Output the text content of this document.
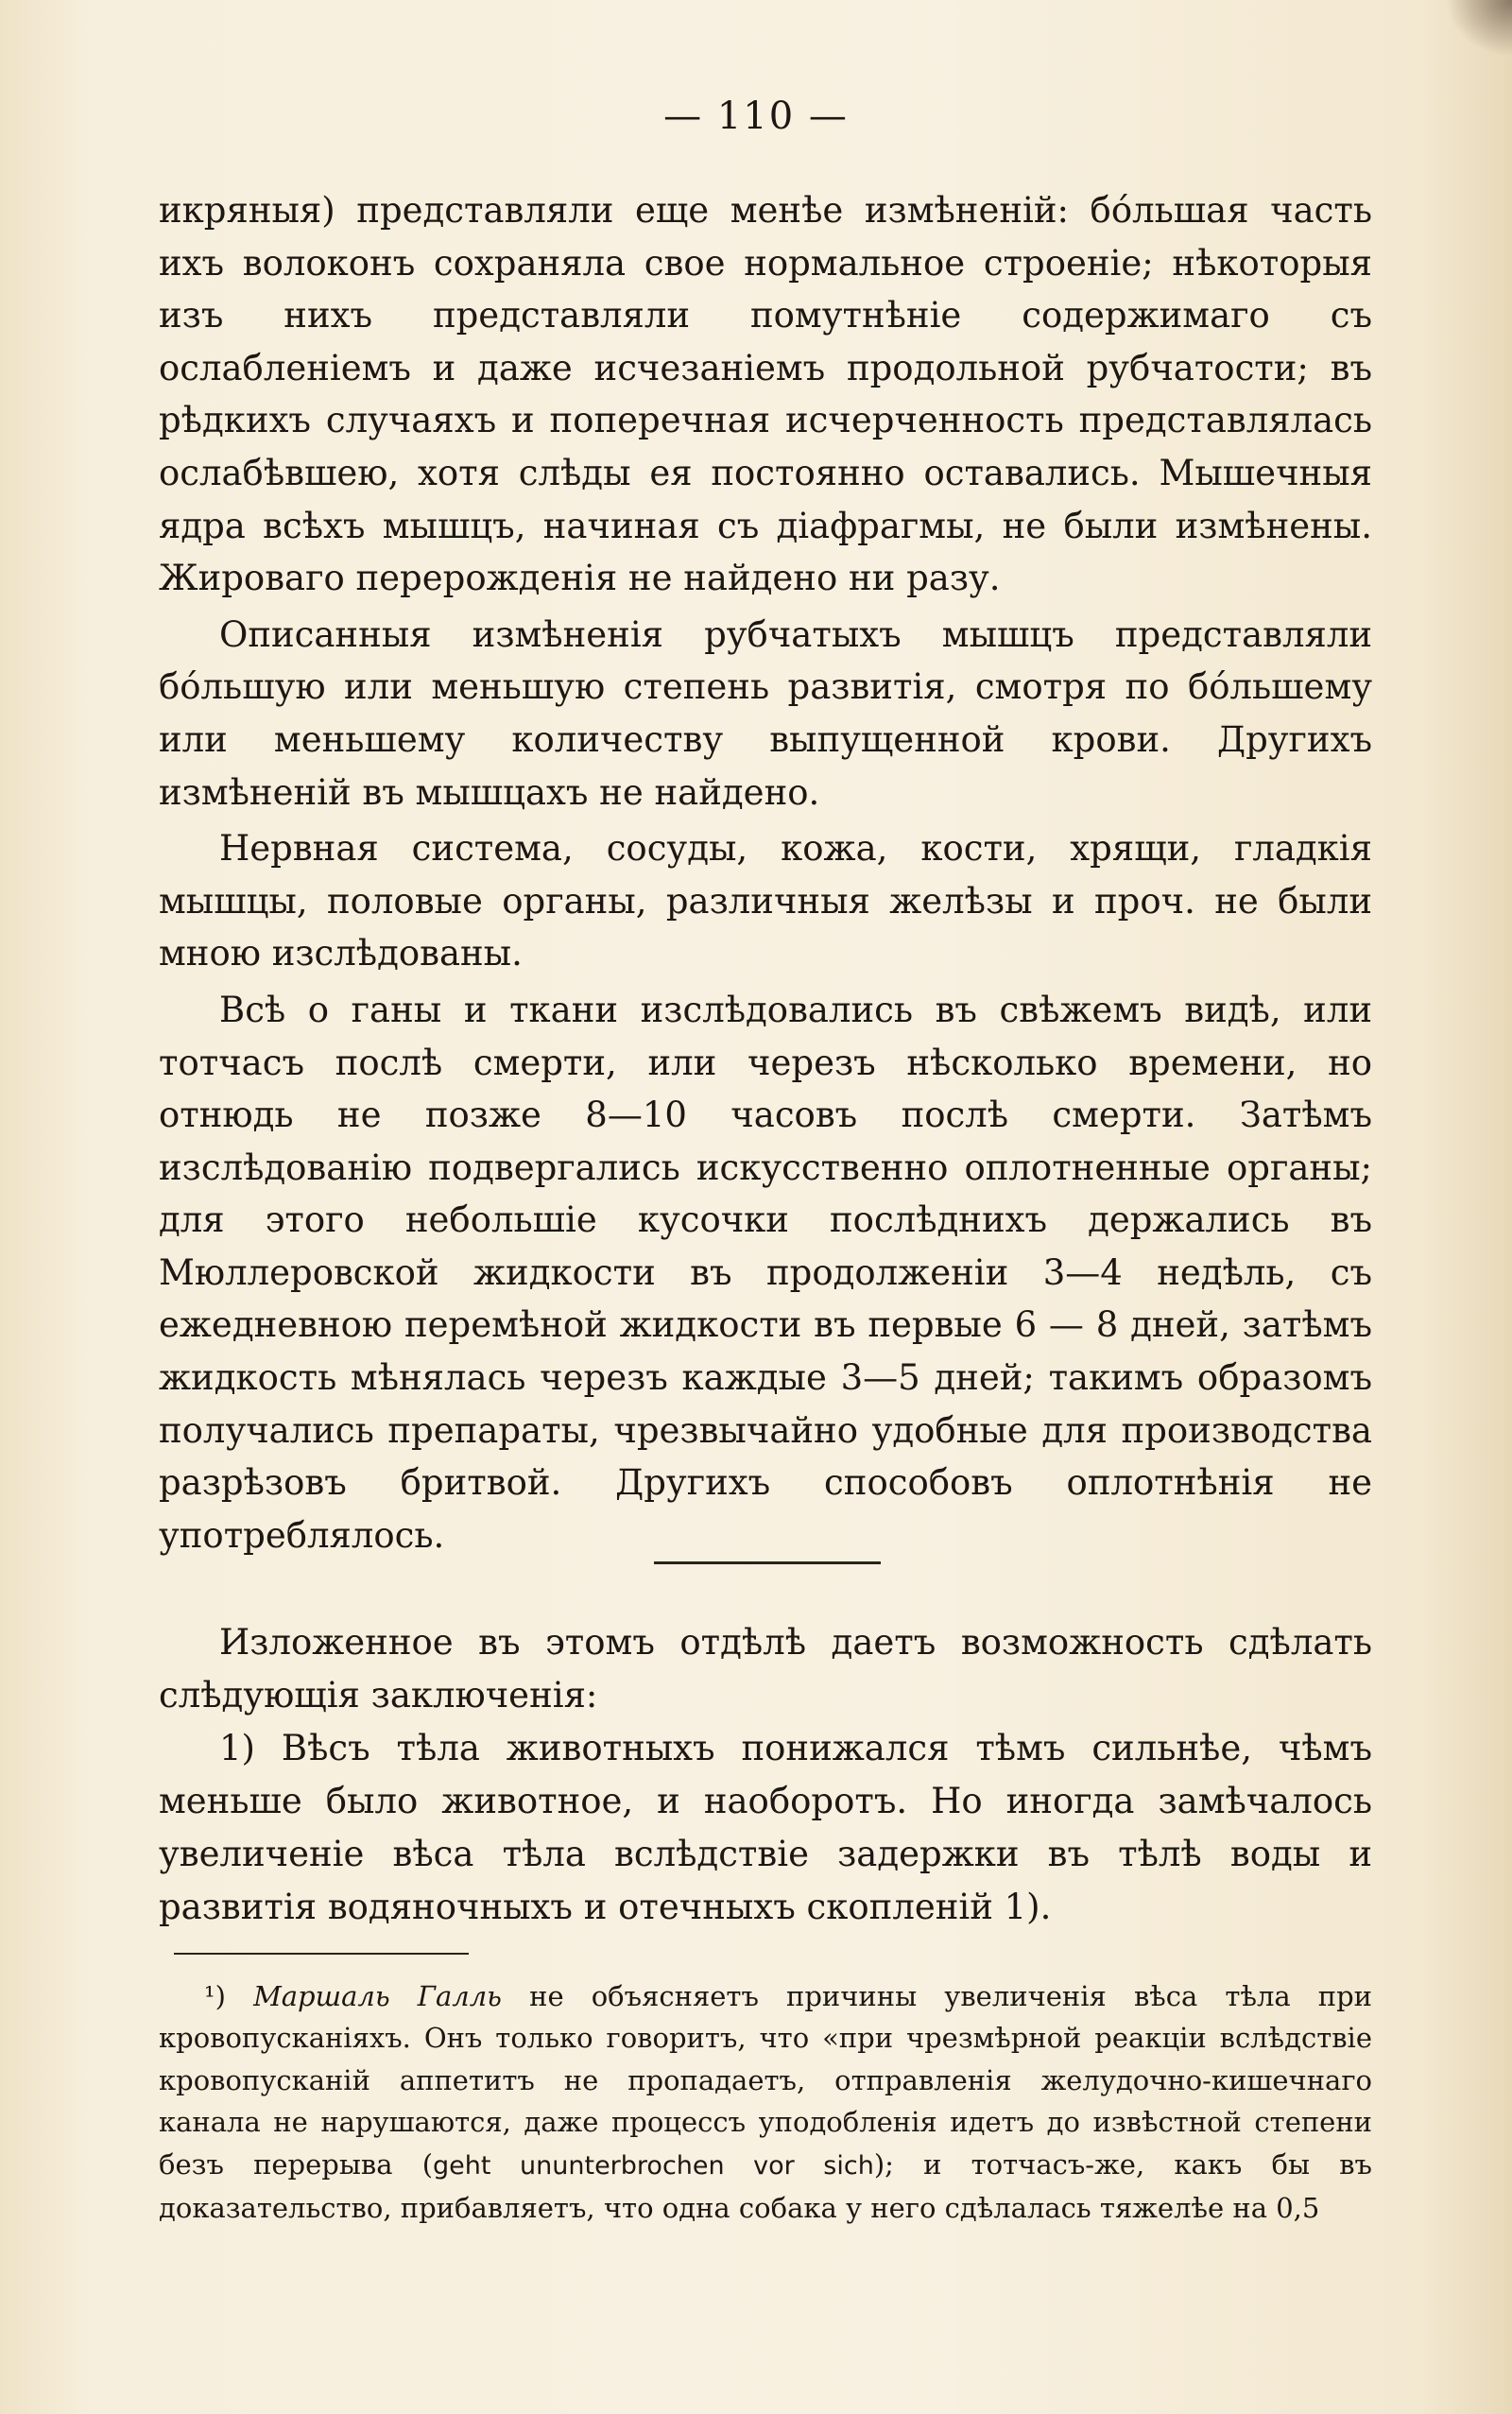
— 110 —

икряныя) представляли еще менѣе измѣненій: бо́льшая часть ихъ волоконъ сохраняла свое нормальное строеніе; нѣкоторыя изъ нихъ представляли помутнѣніе содержимаго съ ослабленіемъ и даже исчезаніемъ продольной рубчатости; въ рѣдкихъ случаяхъ и поперечная исчерченность представлялась ослабѣвшею, хотя слѣды ея постоянно оставались. Мышечныя ядра всѣхъ мышцъ, начиная съ діафрагмы, не были измѣнены. Жироваго перерожденія не найдено ни разу.

Описанныя измѣненія рубчатыхъ мышцъ представляли бо́льшую или меньшую степень развитія, смотря по бо́льшему или меньшему количеству выпущенной крови. Другихъ измѣненій въ мышцахъ не найдено.

Нервная система, сосуды, кожа, кости, хрящи, гладкія мышцы, половые органы, различныя желѣзы и проч. не были мною изслѣдованы.

Всѣ о ганы и ткани изслѣдовались въ свѣжемъ видѣ, или тотчасъ послѣ смерти, или черезъ нѣсколько времени, но отнюдь не позже 8—10 часовъ послѣ смерти. Затѣмъ изслѣдованію подвергались искусственно оплотненные органы; для этого небольшіе кусочки послѣднихъ держались въ Мюллеровской жидкости въ продолженіи 3—4 недѣль, съ ежедневною перемѣной жидкости въ первые 6 — 8 дней, затѣмъ жидкость мѣнялась черезъ каждые 3—5 дней; такимъ образомъ получались препараты, чрезвычайно удобные для производства разрѣзовъ бритвой. Другихъ способовъ оплотнѣнія не употреблялось.

Изложенное въ этомъ отдѣлѣ даетъ возможность сдѣлать слѣдующія заключенія:

1) Вѣсъ тѣла животныхъ понижался тѣмъ сильнѣе, чѣмъ меньше было животное, и наоборотъ. Но иногда замѣчалось увеличеніе вѣса тѣла вслѣдствіе задержки въ тѣлѣ воды и развитія водяночныхъ и отечныхъ скопленій 1).

¹) Маршаль Галль не объясняетъ причины увеличенія вѣса тѣла при кровопусканіяхъ. Онъ только говоритъ, что «при чрезмѣрной реакціи вслѣдствіе кровопусканій аппетитъ не пропадаетъ, отправленія желудочно-кишечнаго канала не нарушаются, даже процессъ уподобленія идетъ до извѣстной степени безъ перерыва (geht ununterbrochen vor sich); и тотчасъ-же, какъ бы въ доказательство, прибавляетъ, что одна собака у него сдѣлалась тяжелѣе на 0,5
